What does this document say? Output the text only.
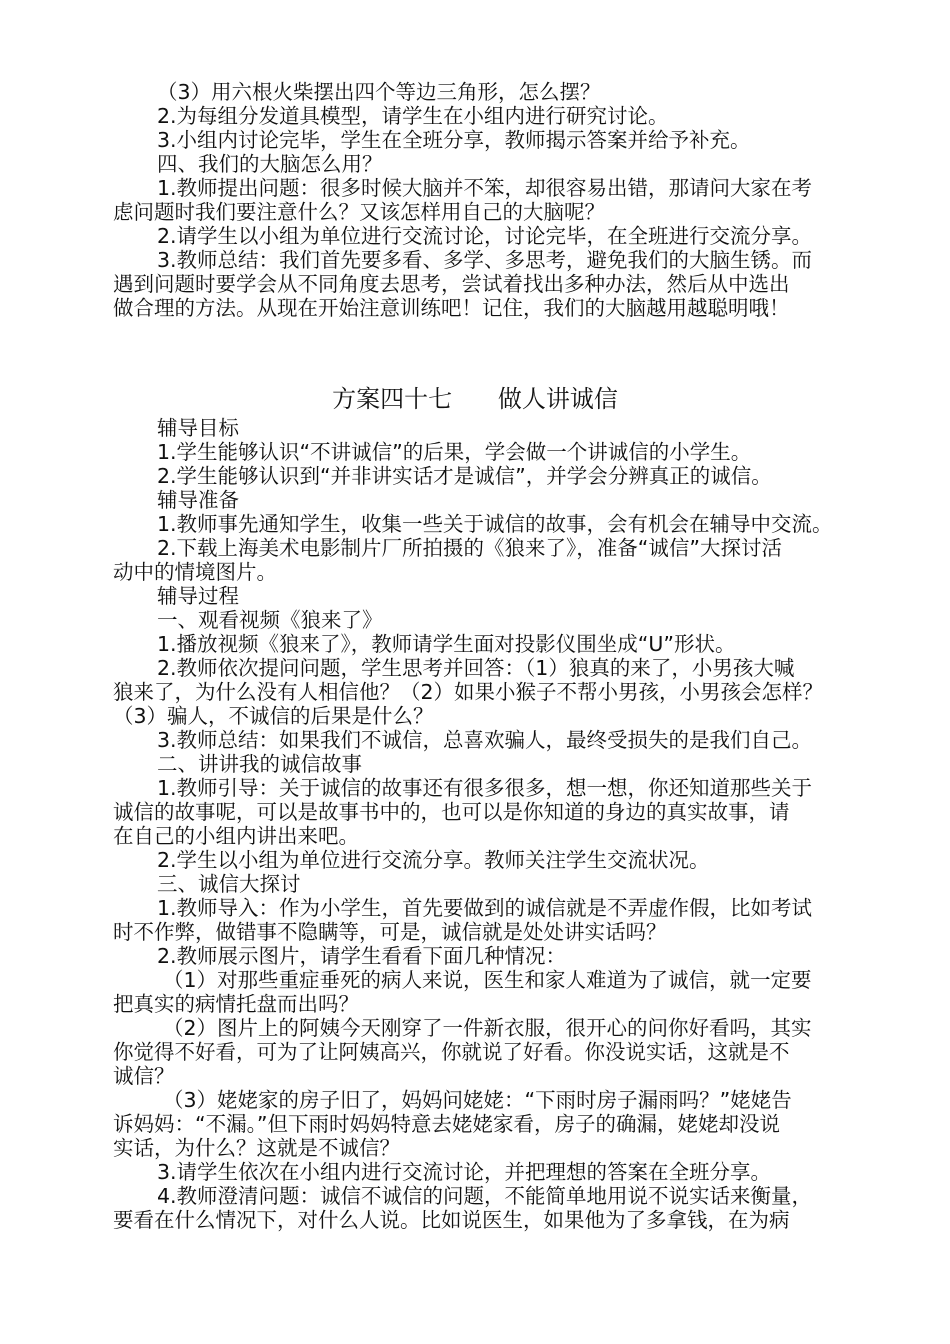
（3）用六根火柴摆出四个等边三角形，怎么摆？
2.为每组分发道具模型，请学生在小组内进行研究讨论。
3.小组内讨论完毕，学生在全班分享，教师揭示答案并给予补充。
四、我们的大脑怎么用？
1.教师提出问题：很多时候大脑并不笨，却很容易出错，那请问大家在考
虑问题时我们要注意什么？又该怎样用自己的大脑呢？
2.请学生以小组为单位进行交流讨论，讨论完毕，在全班进行交流分享。
3.教师总结：我们首先要多看、多学、多思考，避免我们的大脑生锈。而
遇到问题时要学会从不同角度去思考，尝试着找出多种办法，然后从中选出
做合理的方法。从现在开始注意训练吧！记住，我们的大脑越用越聪明哦！
方案四十七      做人讲诚信
辅导目标
1.学生能够认识“不讲诚信”的后果，学会做一个讲诚信的小学生。
2.学生能够认识到“并非讲实话才是诚信”，并学会分辨真正的诚信。
辅导准备
1.教师事先通知学生，收集一些关于诚信的故事，会有机会在辅导中交流。
2.下载上海美术电影制片厂所拍摄的《狼来了》，准备“诚信”大探讨活
动中的情境图片。
辅导过程
一、观看视频《狼来了》
1.播放视频《狼来了》，教师请学生面对投影仪围坐成“U”形状。
2.教师依次提问问题，学生思考并回答：（1）狼真的来了，小男孩大喊
狼来了，为什么没有人相信他？（2）如果小猴子不帮小男孩，小男孩会怎样？
（3）骗人，不诚信的后果是什么？
3.教师总结：如果我们不诚信，总喜欢骗人，最终受损失的是我们自己。
二、讲讲我的诚信故事
1.教师引导：关于诚信的故事还有很多很多，想一想，你还知道那些关于
诚信的故事呢，可以是故事书中的，也可以是你知道的身边的真实故事，请
在自己的小组内讲出来吧。
2.学生以小组为单位进行交流分享。教师关注学生交流状况。
三、诚信大探讨
1.教师导入：作为小学生，首先要做到的诚信就是不弄虚作假，比如考试
时不作弊，做错事不隐瞒等，可是，诚信就是处处讲实话吗？
2.教师展示图片，请学生看看下面几种情况：
（1）对那些重症垂死的病人来说，医生和家人难道为了诚信，就一定要
把真实的病情托盘而出吗？
（2）图片上的阿姨今天刚穿了一件新衣服，很开心的问你好看吗，其实
你觉得不好看，可为了让阿姨高兴，你就说了好看。你没说实话，这就是不
诚信？
（3）姥姥家的房子旧了，妈妈问姥姥：“下雨时房子漏雨吗？”姥姥告
诉妈妈：“不漏。”但下雨时妈妈特意去姥姥家看，房子的确漏，姥姥却没说
实话，为什么？这就是不诚信？
3.请学生依次在小组内进行交流讨论，并把理想的答案在全班分享。
4.教师澄清问题：诚信不诚信的问题，不能简单地用说不说实话来衡量，
要看在什么情况下，对什么人说。比如说医生，如果他为了多拿钱，在为病
